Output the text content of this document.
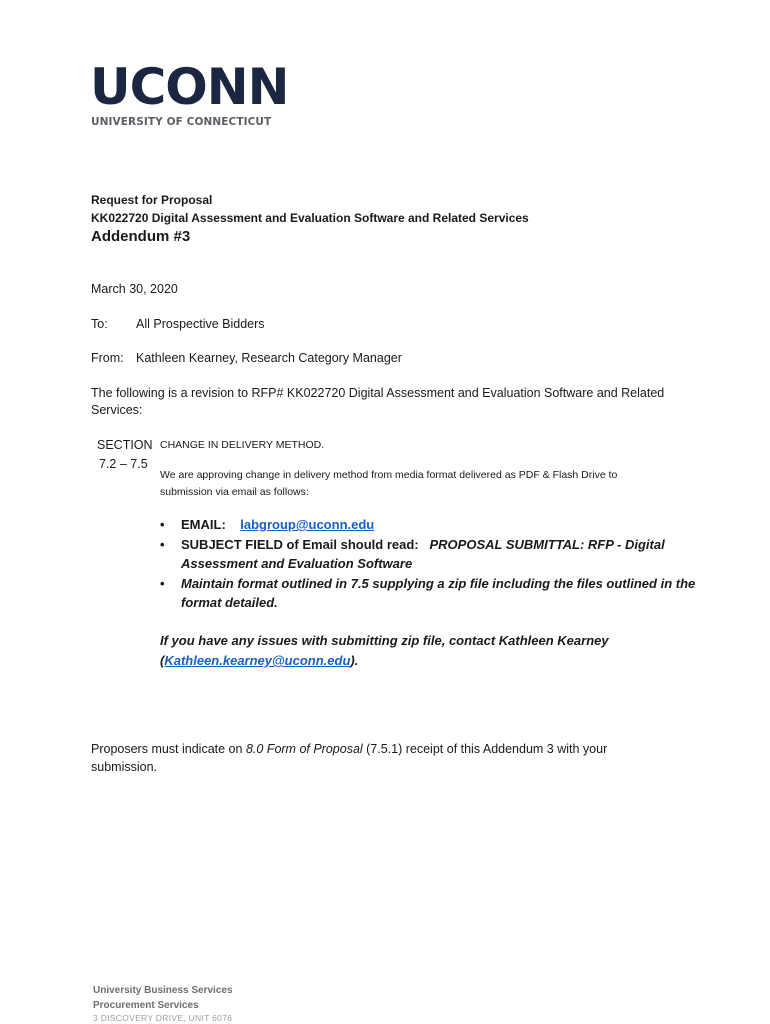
UCONN
UNIVERSITY OF CONNECTICUT
Request for Proposal
KK022720 Digital Assessment and Evaluation Software and Related Services
Addendum #3
March 30, 2020
To: All Prospective Bidders
From: Kathleen Kearney, Research Category Manager
The following is a revision to RFP# KK022720 Digital Assessment and Evaluation Software and Related
Services:
SECTION
7.2 – 7.5
CHANGE IN DELIVERY METHOD.
We are approving change in delivery method from media format delivered as PDF & Flash Drive to
submission via email as follows:
• EMAIL: labgroup@uconn.edu
• SUBJECT FIELD of Email should read: PROPOSAL SUBMITTAL: RFP - Digital
Assessment and Evaluation Software
• Maintain format outlined in 7.5 supplying a zip file including the files outlined in the
format detailed.
If you have any issues with submitting zip file, contact Kathleen Kearney
(Kathleen.kearney@uconn.edu).
Proposers must indicate on 8.0 Form of Proposal (7.5.1) receipt of this Addendum 3 with your
submission.
University Business Services
Procurement Services
3 DISCOVERY DRIVE, UNIT 6076
